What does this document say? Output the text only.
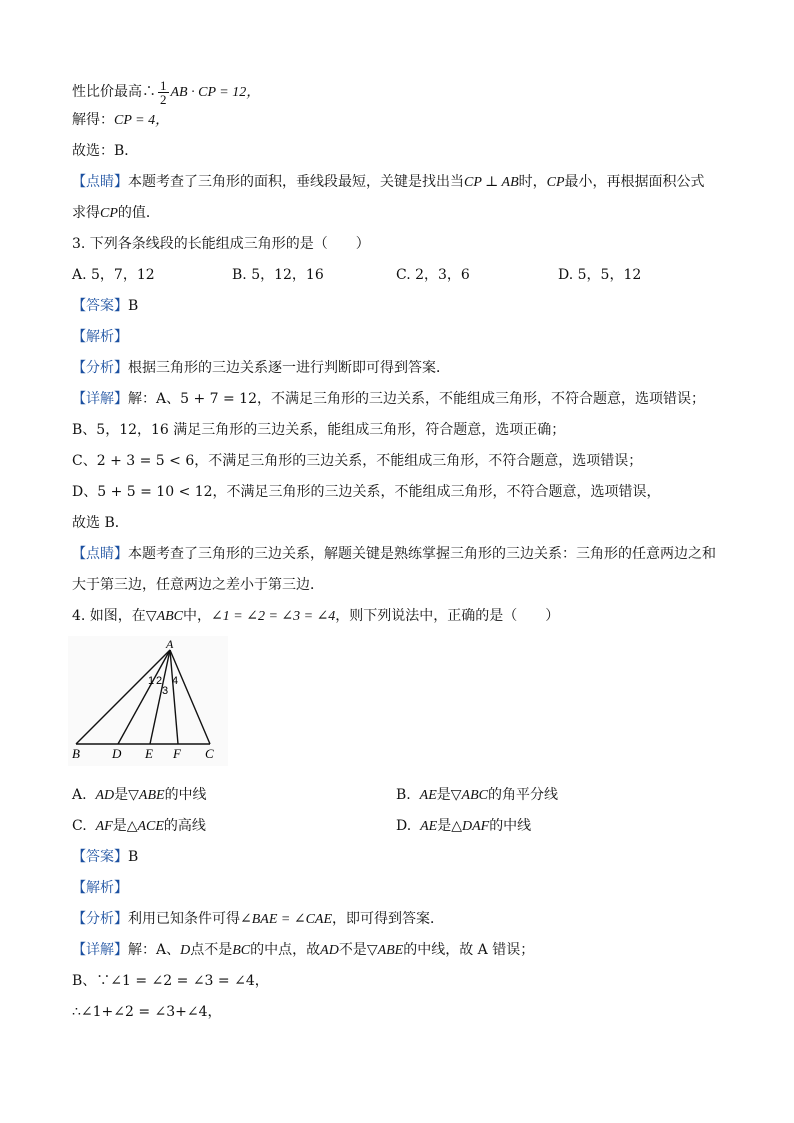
性比价最高∴ $\frac{1}{2}$ AB · CP = 12，
解得：CP = 4，
故选：B．
【点睛】本题考查了三角形的面积，垂线段最短，关键是找出当CP ⊥ AB时，CP最小，再根据面积公式
求得CP的值．
3. 下列各条线段的长能组成三角形的是（　　）
A. 5，7，12	B. 5，12，16	C. 2，3，6	D. 5，5，12
【答案】B
【解析】
【分析】根据三角形的三边关系逐一进行判断即可得到答案．
【详解】解：A、5 + 7 = 12，不满足三角形的三边关系，不能组成三角形，不符合题意，选项错误；
B、5，12，16 满足三角形的三边关系，能组成三角形，符合题意，选项正确；
C、2 + 3 = 5 < 6，不满足三角形的三边关系，不能组成三角形，不符合题意，选项错误；
D、5 + 5 = 10 < 12，不满足三角形的三边关系，不能组成三角形，不符合题意，选项错误，
故选 B．
【点睛】本题考查了三角形的三边关系，解题关键是熟练掌握三角形的三边关系：三角形的任意两边之和
大于第三边，任意两边之差小于第三边．
4. 如图，在▽ABC中，∠1 = ∠2 = ∠3 = ∠4，则下列说法中，正确的是（　　）
A
B D E F C
1 2
3
4
A. AD是▽ABE的中线	B. AE是▽ABC的角平分线
C. AF是△ACE的高线	D. AE是△DAF的中线
【答案】B
【解析】
【分析】利用已知条件可得∠BAE = ∠CAE，即可得到答案．
【详解】解：A、D点不是BC的中点，故AD不是▽ABE的中线，故 A 错误；
B、∵∠1 = ∠2 = ∠3 = ∠4，
∴∠1+∠2 = ∠3+∠4，
